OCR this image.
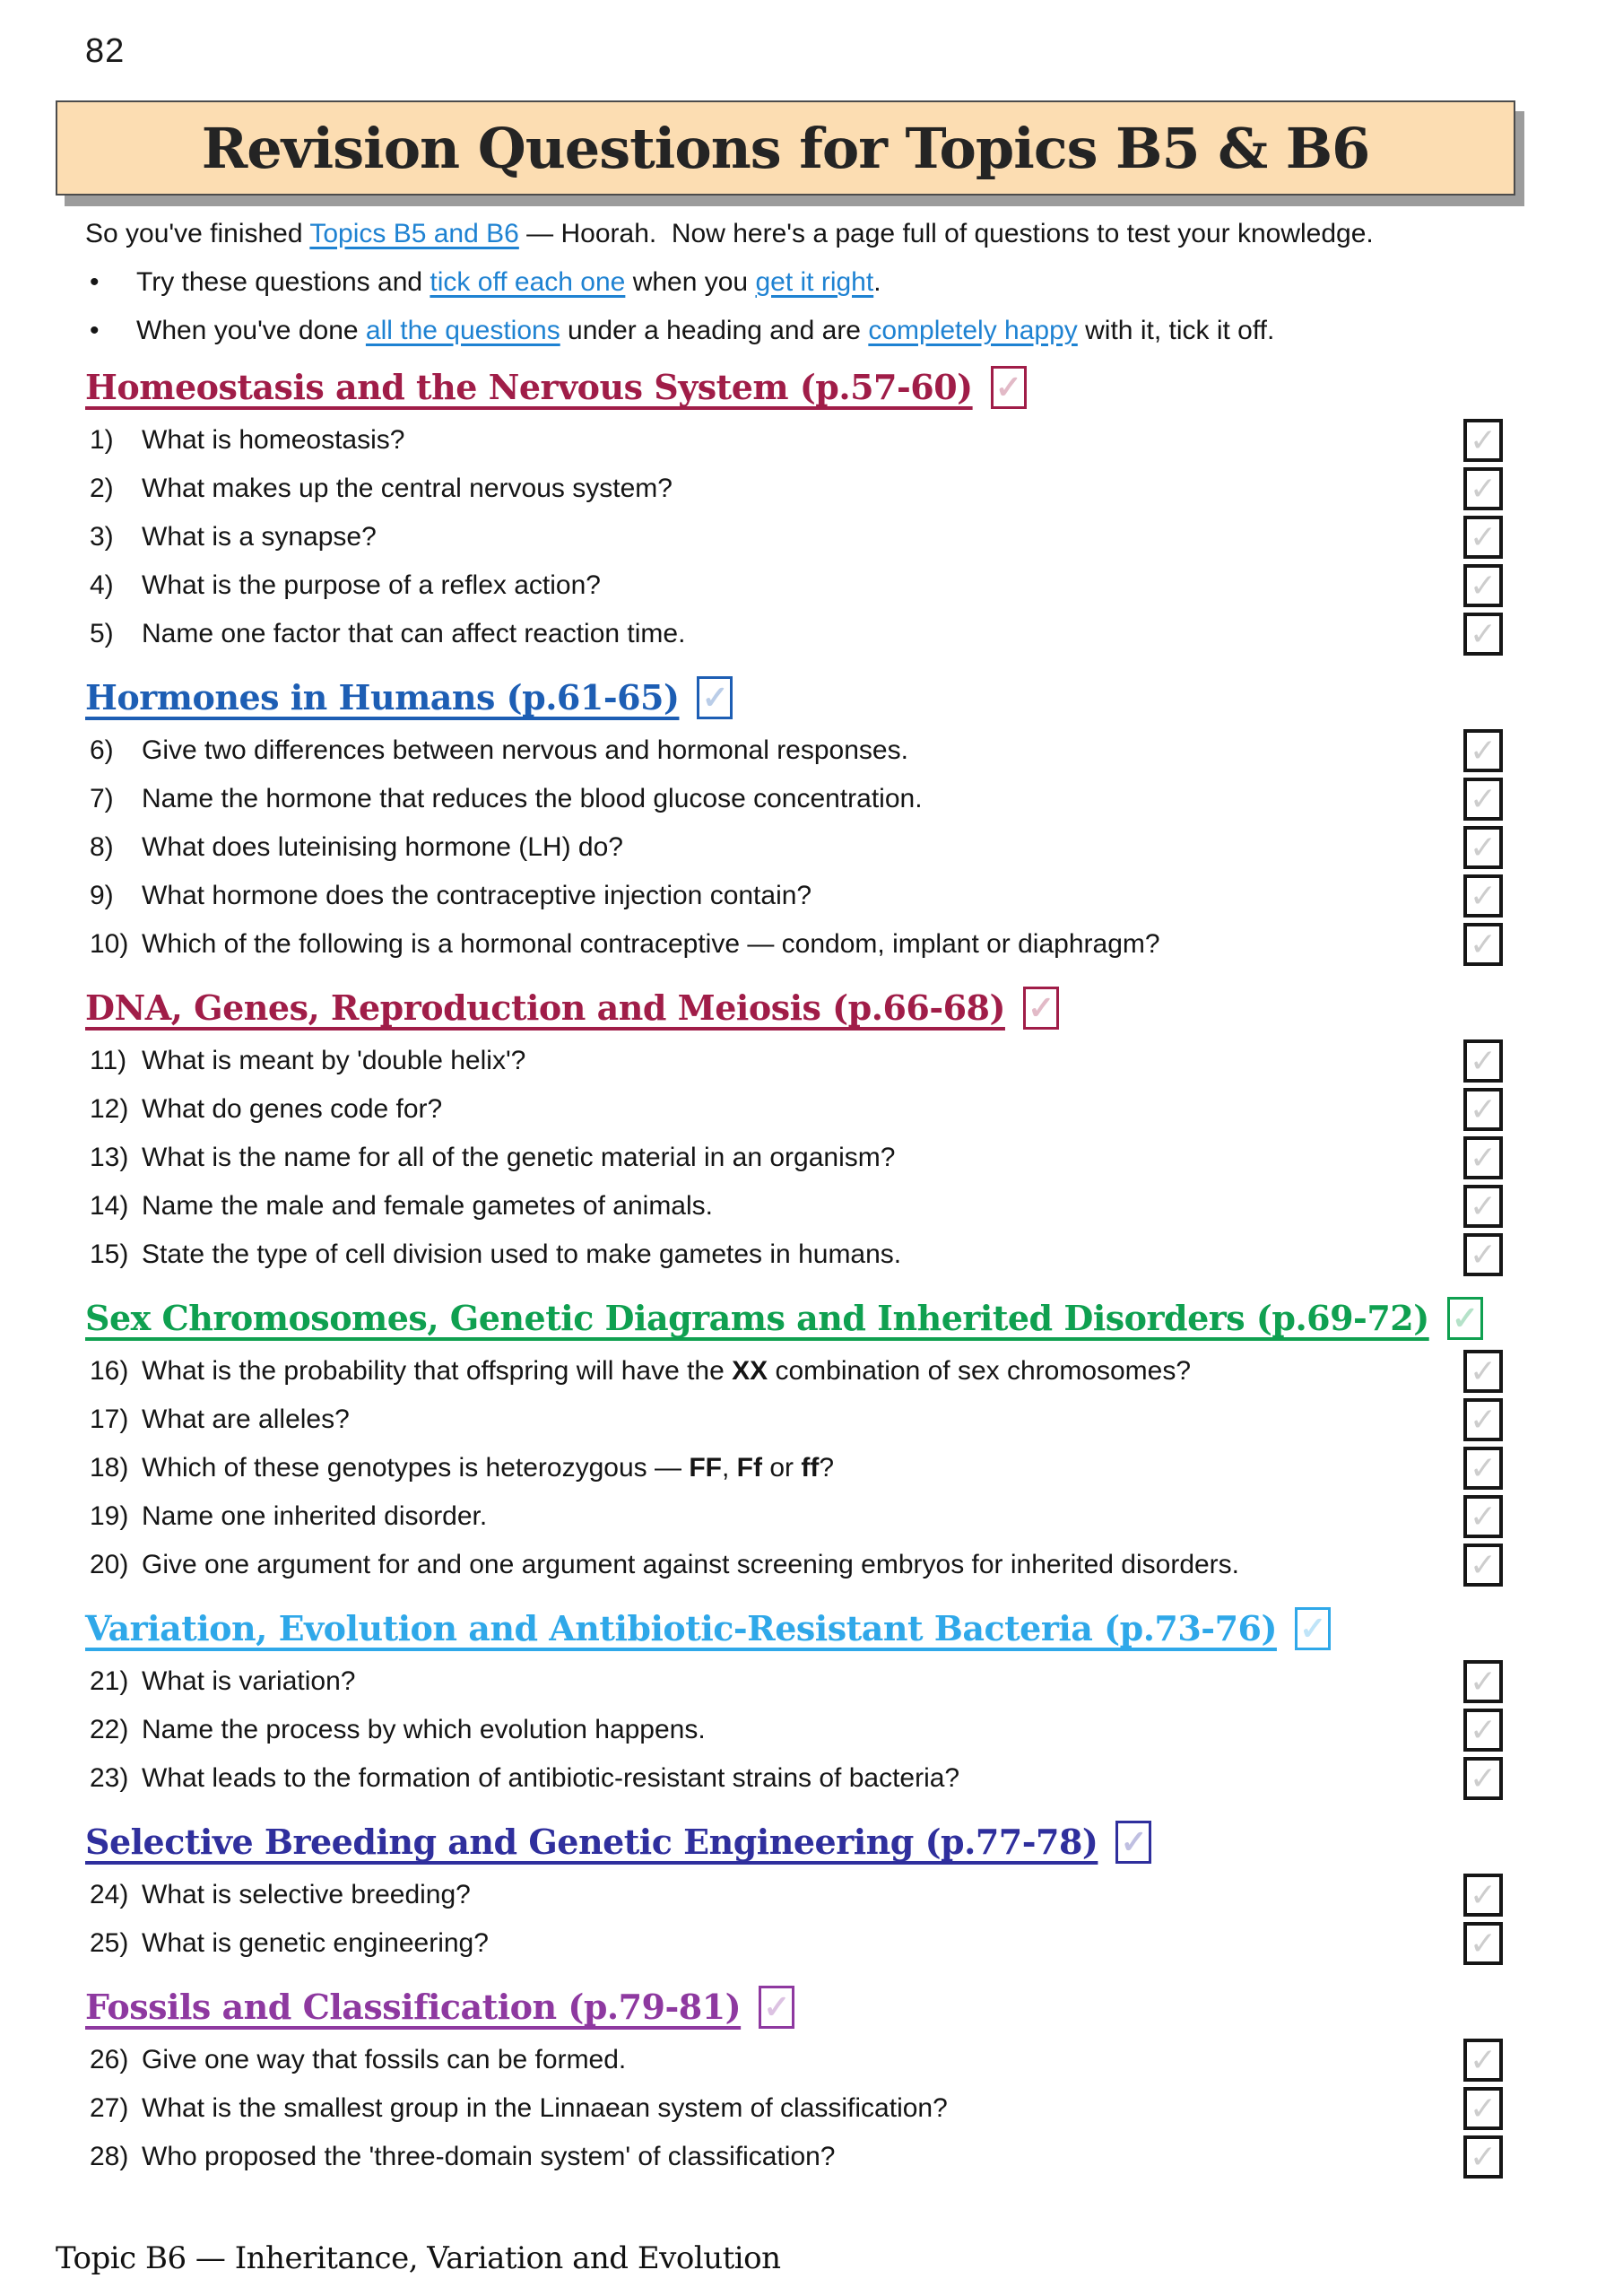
82
Revision Questions for Topics B5 & B6
So you've finished Topics B5 and B6 — Hoorah.  Now here's a page full of questions to test your knowledge.
•	Try these questions and tick off each one when you get it right.
•	When you've done all the questions under a heading and are completely happy with it, tick it off.
Homeostasis and the Nervous System (p.57-60) ✓
1)	What is homeostasis?	✓
2)	What makes up the central nervous system?	✓
3)	What is a synapse?	✓
4)	What is the purpose of a reflex action?	✓
5)	Name one factor that can affect reaction time.	✓
Hormones in Humans (p.61-65) ✓
6)	Give two differences between nervous and hormonal responses.	✓
7)	Name the hormone that reduces the blood glucose concentration.	✓
8)	What does luteinising hormone (LH) do?	✓
9)	What hormone does the contraceptive injection contain?	✓
10) Which of the following is a hormonal contraceptive — condom, implant or diaphragm?	✓
DNA, Genes, Reproduction and Meiosis (p.66-68) ✓
11) What is meant by 'double helix'?	✓
12) What do genes code for?	✓
13) What is the name for all of the genetic material in an organism?	✓
14) Name the male and female gametes of animals.	✓
15) State the type of cell division used to make gametes in humans.	✓
Sex Chromosomes, Genetic Diagrams and Inherited Disorders (p.69-72) ✓
16) What is the probability that offspring will have the XX combination of sex chromosomes?	✓
17) What are alleles?	✓
18) Which of these genotypes is heterozygous — FF, Ff or ff?	✓
19) Name one inherited disorder.	✓
20) Give one argument for and one argument against screening embryos for inherited disorders.	✓
Variation, Evolution and Antibiotic-Resistant Bacteria (p.73-76) ✓
21) What is variation?	✓
22) Name the process by which evolution happens.	✓
23) What leads to the formation of antibiotic-resistant strains of bacteria?	✓
Selective Breeding and Genetic Engineering (p.77-78) ✓
24) What is selective breeding?	✓
25) What is genetic engineering?	✓
Fossils and Classification (p.79-81) ✓
26) Give one way that fossils can be formed.	✓
27) What is the smallest group in the Linnaean system of classification?	✓
28) Who proposed the 'three-domain system' of classification?	✓
Topic B6 — Inheritance, Variation and Evolution
